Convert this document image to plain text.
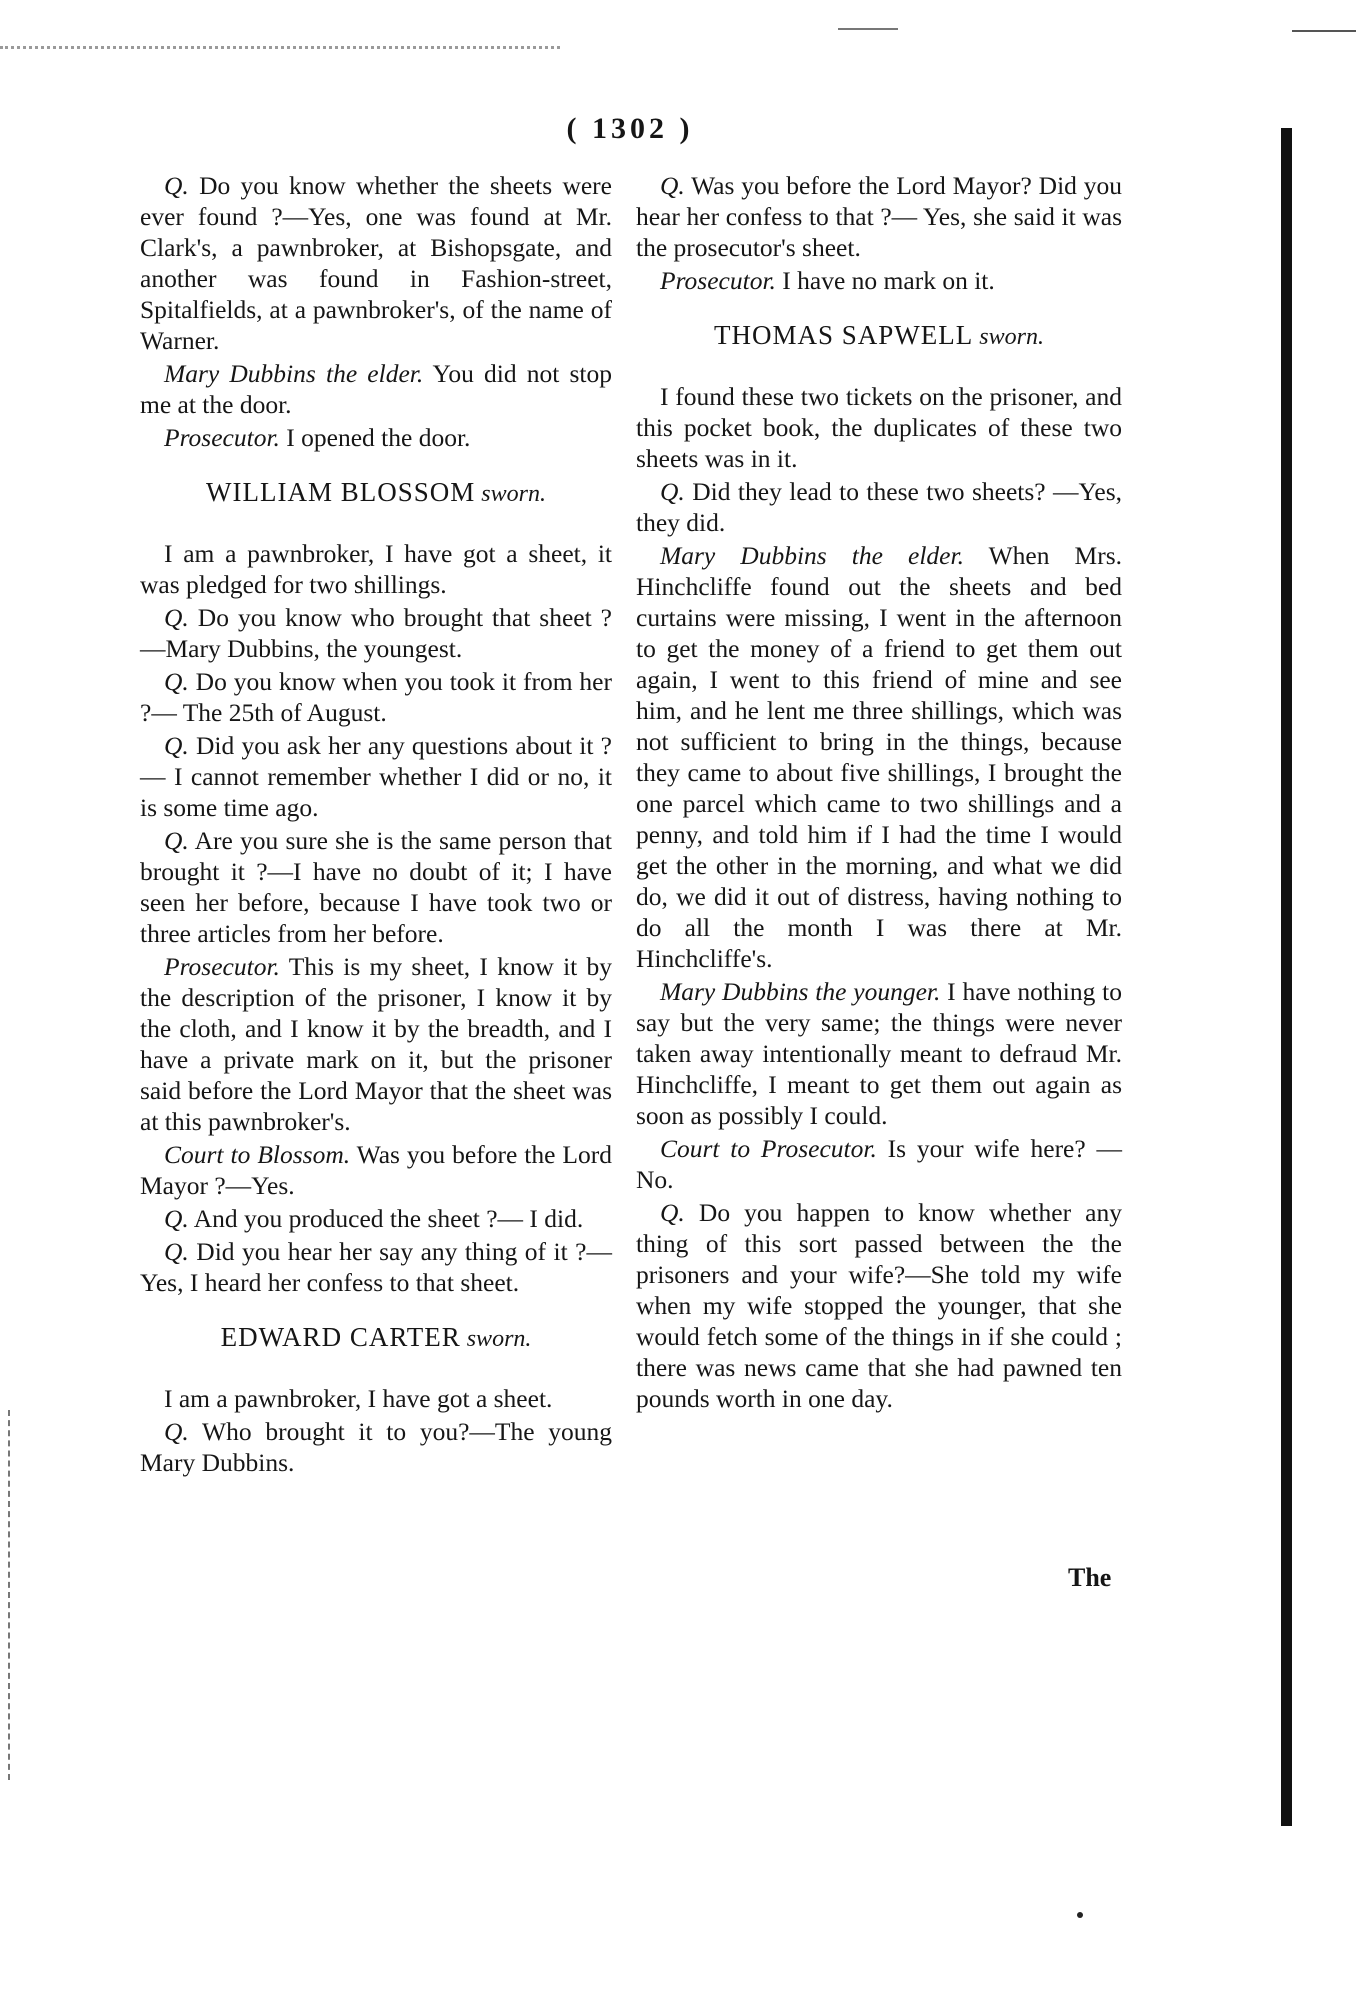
( 1302 )

Q. Do you know whether the sheets were ever found ?—Yes, one was found at Mr. Clark's, a pawnbroker, at Bishopsgate, and another was found in Fashion-street, Spitalfields, at a pawnbroker's, of the name of Warner.

Mary Dubbins the elder. You did not stop me at the door.

Prosecutor. I opened the door.

WILLIAM BLOSSOM sworn.

I am a pawnbroker, I have got a sheet, it was pledged for two shillings.

Q. Do you know who brought that sheet ?—Mary Dubbins, the youngest.

Q. Do you know when you took it from her ?— The 25th of August.

Q. Did you ask her any questions about it ?— I cannot remember whether I did or no, it is some time ago.

Q. Are you sure she is the same person that brought it ?—I have no doubt of it; I have seen her before, because I have took two or three articles from her before.

Prosecutor. This is my sheet, I know it by the description of the prisoner, I know it by the cloth, and I know it by the breadth, and I have a private mark on it, but the prisoner said before the Lord Mayor that the sheet was at this pawnbroker's.

Court to Blossom. Was you before the Lord Mayor ?—Yes.

Q. And you produced the sheet ?— I did.

Q. Did you hear her say any thing of it ?— Yes, I heard her confess to that sheet.

EDWARD CARTER sworn.

I am a pawnbroker, I have got a sheet.

Q. Who brought it to you?—The young Mary Dubbins.

Q. Was you before the Lord Mayor? Did you hear her confess to that ?— Yes, she said it was the prosecutor's sheet.

Prosecutor. I have no mark on it.

THOMAS SAPWELL sworn.

I found these two tickets on the prisoner, and this pocket book, the duplicates of these two sheets was in it.

Q. Did they lead to these two sheets? —Yes, they did.

Mary Dubbins the elder. When Mrs. Hinchcliffe found out the sheets and bed curtains were missing, I went in the afternoon to get the money of a friend to get them out again, I went to this friend of mine and see him, and he lent me three shillings, which was not sufficient to bring in the things, because they came to about five shillings, I brought the one parcel which came to two shillings and a penny, and told him if I had the time I would get the other in the morning, and what we did do, we did it out of distress, having nothing to do all the month I was there at Mr. Hinchcliffe's.

Mary Dubbins the younger. I have nothing to say but the very same; the things were never taken away intentionally meant to defraud Mr. Hinchcliffe, I meant to get them out again as soon as possibly I could.

Court to Prosecutor. Is your wife here? — No.

Q. Do you happen to know whether any thing of this sort passed between the the prisoners and your wife?—She told my wife when my wife stopped the younger, that she would fetch some of the things in if she could ; there was news came that she had pawned ten pounds worth in one day.

The
